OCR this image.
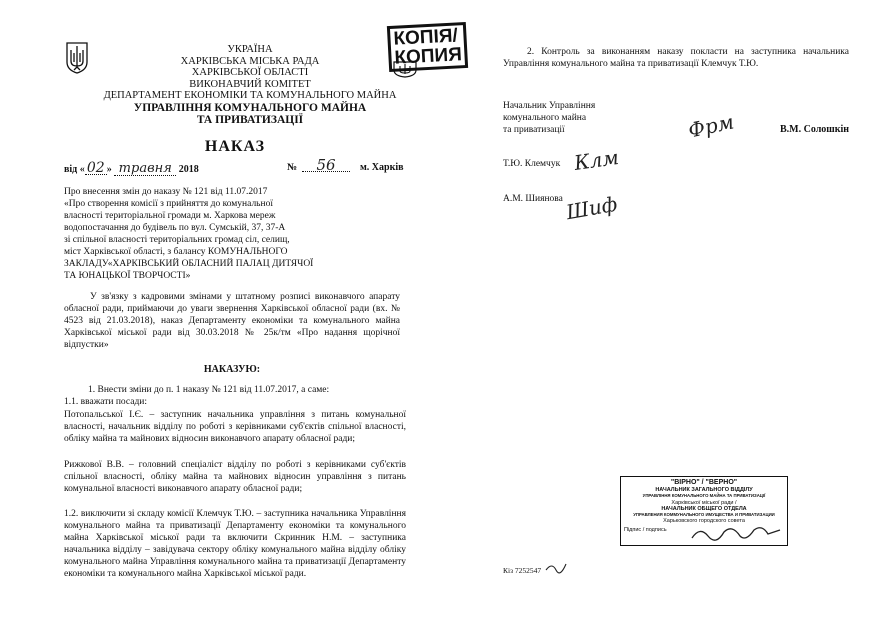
УКРАЇНА
ХАРКІВСЬКА МІСЬКА РАДА
ХАРКІВСЬКОЇ ОБЛАСТІ
ВИКОНАВЧИЙ КОМІТЕТ
ДЕПАРТАМЕНТ ЕКОНОМІКИ ТА КОМУНАЛЬНОГО МАЙНА
УПРАВЛІННЯ КОМУНАЛЬНОГО МАЙНА
ТА ПРИВАТИЗАЦІЇ
КОПІЯ/
КОПИЯ
НАКАЗ
від « 02 » травня 2018	№	56	м. Харків
Про внесення змін до наказу № 121 від 11.07.2017
«Про створення комісії з прийняття до комунальної
власності територіальної громади м. Харкова мереж
водопостачання до будівель по вул. Сумській, 37, 37-А
зі спільної власності територіальних громад сіл, селищ,
міст Харківської області, з балансу КОМУНАЛЬНОГО
ЗАКЛАДУ«ХАРКІВСЬКИЙ ОБЛАСНИЙ ПАЛАЦ ДИТЯЧОЇ
ТА ЮНАЦЬКОЇ ТВОРЧОСТІ»
У зв'язку з кадровими змінами у штатному розписі виконавчого апарату обласної ради, приймаючи до уваги звернення Харківської обласної ради (вх. № 4523 від 21.03.2018), наказ Департаменту економіки та комунального майна Харківської міської ради від 30.03.2018 № 25к/тм «Про надання щорічної відпустки»
НАКАЗУЮ:
1. Внести зміни до п. 1 наказу № 121 від 11.07.2017, а саме:
1.1. вважати посади:
Потопальської І.Є. – заступник начальника управління з питань комунальної власності, начальник відділу по роботі з керівниками суб'єктів спільної власності, обліку майна та майнових відносин виконавчого апарату обласної ради;
Рижкової В.В. – головний спеціаліст відділу по роботі з керівниками суб'єктів спільної власності, обліку майна та майнових відносин управління з питань комунальної власності виконавчого апарату обласної ради;
1.2. виключити зі складу комісії Клемчук Т.Ю. – заступника начальника Управління комунального майна та приватизації Департаменту економіки та комунального майна Харківської міської ради та включити Скринник Н.М. – заступника начальника відділу – завідувача сектору обліку комунального майна відділу обліку комунального майна Управління комунального майна та приватизації Департаменту економіки та комунального майна Харківської міської ради.
2. Контроль за виконанням наказу покласти на заступника начальника Управління комунального майна та приватизації Клемчук Т.Ю.
Начальник Управління
комунального майна
та приватизації	Фрм	В.М. Солошкін
Т.Ю. Клемчук Клм
А.М. Шиянова Шиф
"ВІРНО" / "ВЕРНО"
НАЧАЛЬНИК ЗАГАЛЬНОГО ВІДДІЛУ
УПРАВЛІННЯ КОМУНАЛЬНОГО МАЙНА ТА ПРИВАТИЗАЦІЇ
Харківської міської ради /
НАЧАЛЬНИК ОБЩЕГО ОТДЕЛА
УПРАВЛЕНИЯ КОММУНАЛЬНОГО ИМУЩЕСТВА И ПРИВАТИЗАЦИИ
Харьковского городского совета
Підпис / подпись
Кіз 7252547
